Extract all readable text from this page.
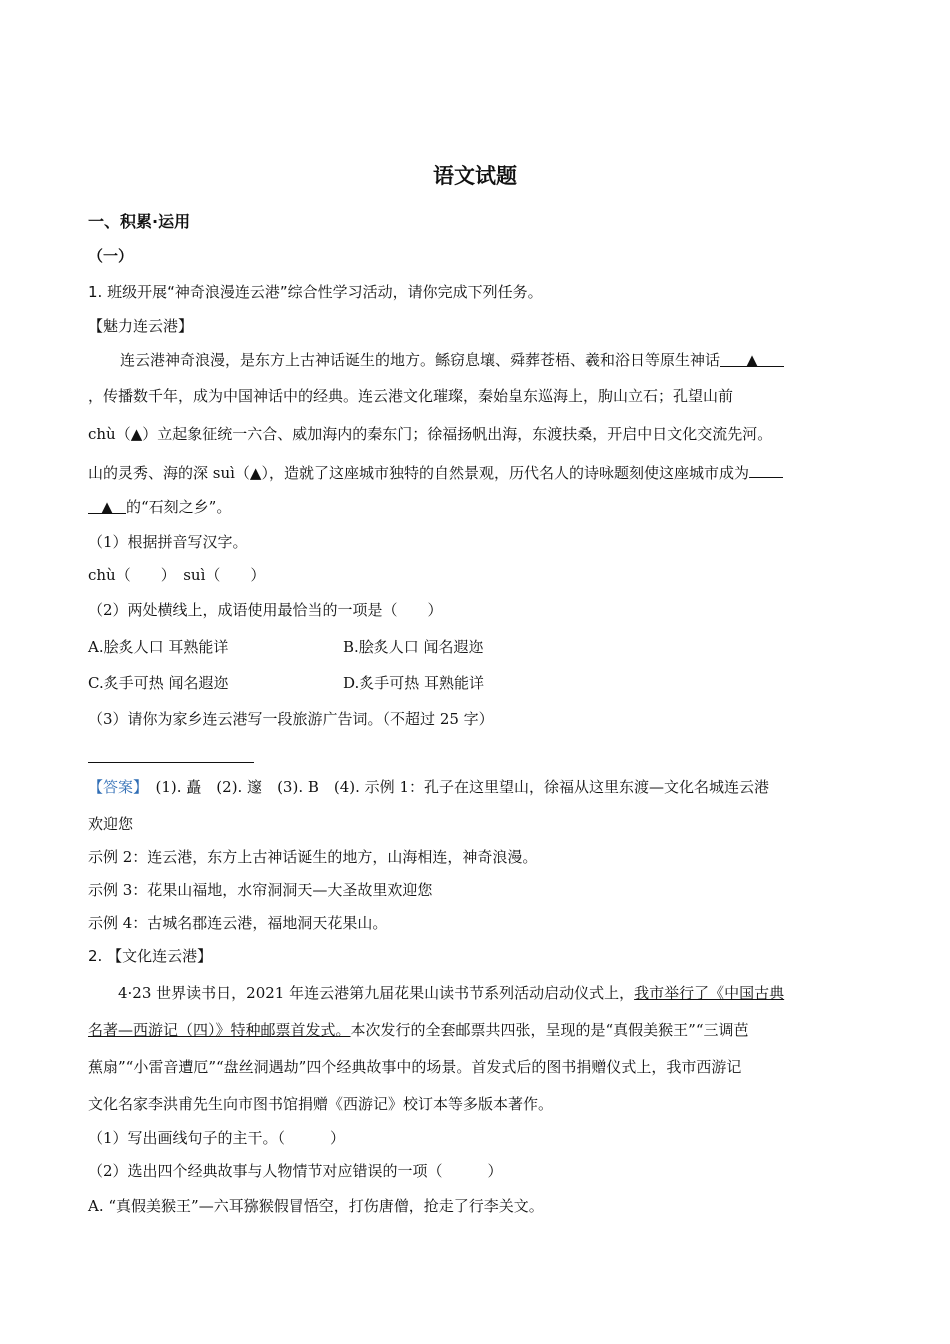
语文试题
一、积累·运用
（一）
1. 班级开展“神奇浪漫连云港”综合性学习活动，请你完成下列任务。
【魅力连云港】
连云港神奇浪漫，是东方上古神话诞生的地方。鲧窃息壤、舜葬苍梧、羲和浴日等原生神话 ▲
，传播数千年，成为中国神话中的经典。连云港文化璀璨，秦始皇东巡海上，朐山立石；孔望山前
chù（▲）立起象征统一六合、威加海内的秦东门；徐福扬帆出海，东渡扶桑，开启中日文化交流先河。
山的灵秀、海的深 suì（▲），造就了这座城市独特的自然景观，历代名人的诗咏题刻使这座城市成为
▲ 的“石刻之乡”。
（1）根据拼音写汉字。
chù（　　）　suì（　　）
（2）两处横线上，成语使用最恰当的一项是（　　）
A.脍炙人口 耳熟能详	B.脍炙人口 闻名遐迩
C.炙手可热 闻名遐迩	D.炙手可热 耳熟能详
（3）请你为家乡连云港写一段旅游广告词。（不超过 25 字）
【答案】　(1). 矗　(2). 邃　(3). B　(4). 示例 1：孔子在这里望山，徐福从这里东渡—文化名城连云港
欢迎您
示例 2：连云港，东方上古神话诞生的地方，山海相连，神奇浪漫。
示例 3：花果山福地，水帘洞洞天—大圣故里欢迎您
示例 4：古城名郡连云港，福地洞天花果山。
2. 【文化连云港】
4·23 世界读书日，2021 年连云港第九届花果山读书节系列活动启动仪式上，我市举行了《中国古典
名著—西游记（四）》特种邮票首发式。本次发行的全套邮票共四张，呈现的是“真假美猴王”“三调芭
蕉扇”“小雷音遭厄”“盘丝洞遇劫”四个经典故事中的场景。首发式后的图书捐赠仪式上，我市西游记
文化名家李洪甫先生向市图书馆捐赠《西游记》校订本等多版本著作。
（1）写出画线句子的主干。（　　　）
（2）选出四个经典故事与人物情节对应错误的一项（　　　）
A. “真假美猴王”—六耳猕猴假冒悟空，打伤唐僧，抢走了行李关文。
